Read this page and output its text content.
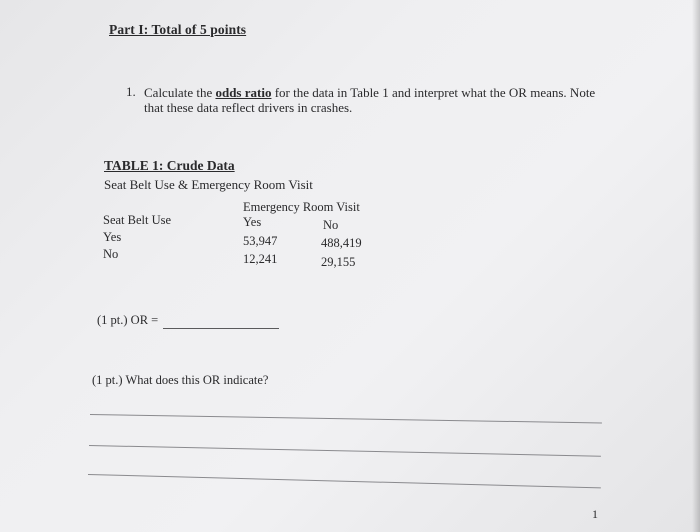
Part I: Total of 5 points
1. Calculate the odds ratio for the data in Table 1 and interpret what the OR means. Note
that these data reflect drivers in crashes.
TABLE 1: Crude Data
Seat Belt Use & Emergency Room Visit
Emergency Room Visit
Seat Belt Use	Yes	No
Yes	53,947	488,419
No	12,241	29,155
(1 pt.) OR =
(1 pt.) What does this OR indicate?
1
